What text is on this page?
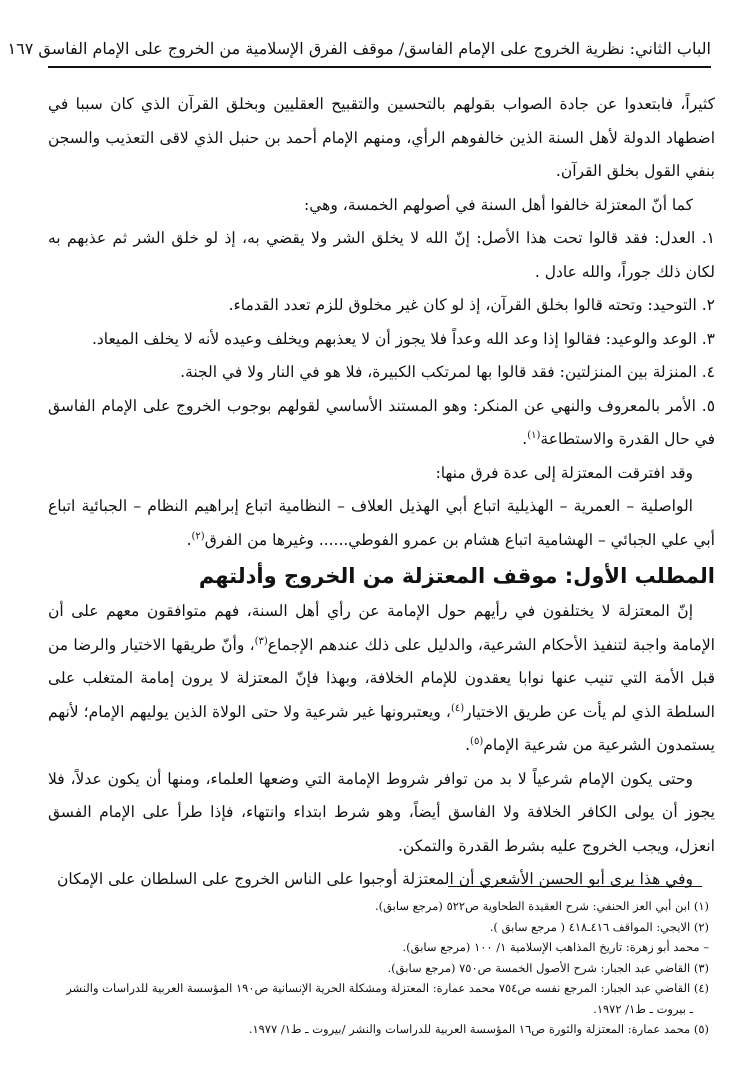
الباب الثاني: نظرية الخروج على الإمام الفاسق/ موقف الفرق الإسلامية من الخروج على الإمام الفاسق ١٦٧

كثيراً، فابتعدوا عن جادة الصواب بقولهم بالتحسين والتقبيح العقليين وبخلق القرآن الذي كان سببا في اضطهاد الدولة لأهل السنة الذين خالفوهم الرأي، ومنهم الإمام أحمد بن حنبل الذي لاقى التعذيب والسجن بنفي القول بخلق القرآن.

كما أنّ المعتزلة خالفوا أهل السنة في أصولهم الخمسة، وهي:

١. العدل: فقد قالوا تحت هذا الأصل: إنّ الله لا يخلق الشر ولا يقضي به، إذ لو خلق الشر ثم عذبهم به لكان ذلك جوراً، والله عادل .

٢. التوحيد: وتحته قالوا بخلق القرآن، إذ لو كان غير مخلوق للزم تعدد القدماء.

٣. الوعد والوعيد: فقالوا إذا وعد الله وعداً فلا يجوز أن لا يعذبهم ويخلف وعيده لأنه لا يخلف الميعاد.

٤. المنزلة بين المنزلتين: فقد قالوا بها لمرتكب الكبيرة، فلا هو في النار ولا في الجنة.

٥. الأمر بالمعروف والنهي عن المنكر: وهو المستند الأساسي لقولهم بوجوب الخروج على الإمام الفاسق في حال القدرة والاستطاعة$^{(١)}$.

وقد افترقت المعتزلة إلى عدة فرق منها:

الواصلية – العمرية – الهذيلية اتباع أبي الهذيل العلاف – النظامية اتباع إبراهيم النظام – الجبائية اتباع أبي علي الجبائي – الهشامية اتباع هشام بن عمرو الفوطي...... وغيرها من الفرق$^{(٢)}$.

المطلب الأول: موقف المعتزلة من الخروج وأدلتهم

إنّ المعتزلة لا يختلفون في رأيهم حول الإمامة عن رأي أهل السنة، فهم متوافقون معهم على أن الإمامة واجبة لتنفيذ الأحكام الشرعية، والدليل على ذلك عندهم الإجماع$^{(٣)}$، وأنّ طريقها الاختيار والرضا من قبل الأمة التي تنيب عنها نوابا يعقدون للإمام الخلافة، وبهذا فإنّ المعتزلة لا يرون إمامة المتغلب على السلطة الذي لم يأت عن طريق الاختيار$^{(٤)}$، ويعتبرونها غير شرعية ولا حتى الولاة الذين يوليهم الإمام؛ لأنهم يستمدون الشرعية من شرعية الإمام$^{(٥)}$.

وحتى يكون الإمام شرعياً لا بد من توافر شروط الإمامة التي وضعها العلماء، ومنها أن يكون عدلاً، فلا يجوز أن يولى الكافر الخلافة ولا الفاسق أيضاً، وهو شرط ابتداء وانتهاء، فإذا طرأ على الإمام الفسق انعزل، ويجب الخروج عليه بشرط القدرة والتمكن.

وفي هذا يرى أبو الحسن الأشعري أن المعتزلة أوجبوا على الناس الخروج على السلطان على الإمكان

(١) ابن أبي العز الحنفي: شرح العقيدة الطحاوية ص٥٢٢ (مرجع سابق).

(٢) الايجي: المواقف ٤١٦ـ٤١٨ ( مرجع سابق ).

– محمد أبو زهرة: تاريخ المذاهب الإسلامية ١/ ١٠٠ (مرجع سابق).

(٣) القاضي عبد الجبار: شرح الأصول الخمسة ص٧٥٠ (مرجع سابق).

(٤) القاضي عبد الجبار: المرجع نفسه ص٧٥٤ محمد عمارة: المعتزلة ومشكلة الحرية الإنسانية ص١٩٠ المؤسسة العربية للدراسات والنشر

ـ بيروت ـ ط١/ ١٩٧٢.

(٥) محمد عمارة: المعتزلة والثورة ص١٦ المؤسسة العربية للدراسات والنشر /بيروت ـ ط١/ ١٩٧٧.
